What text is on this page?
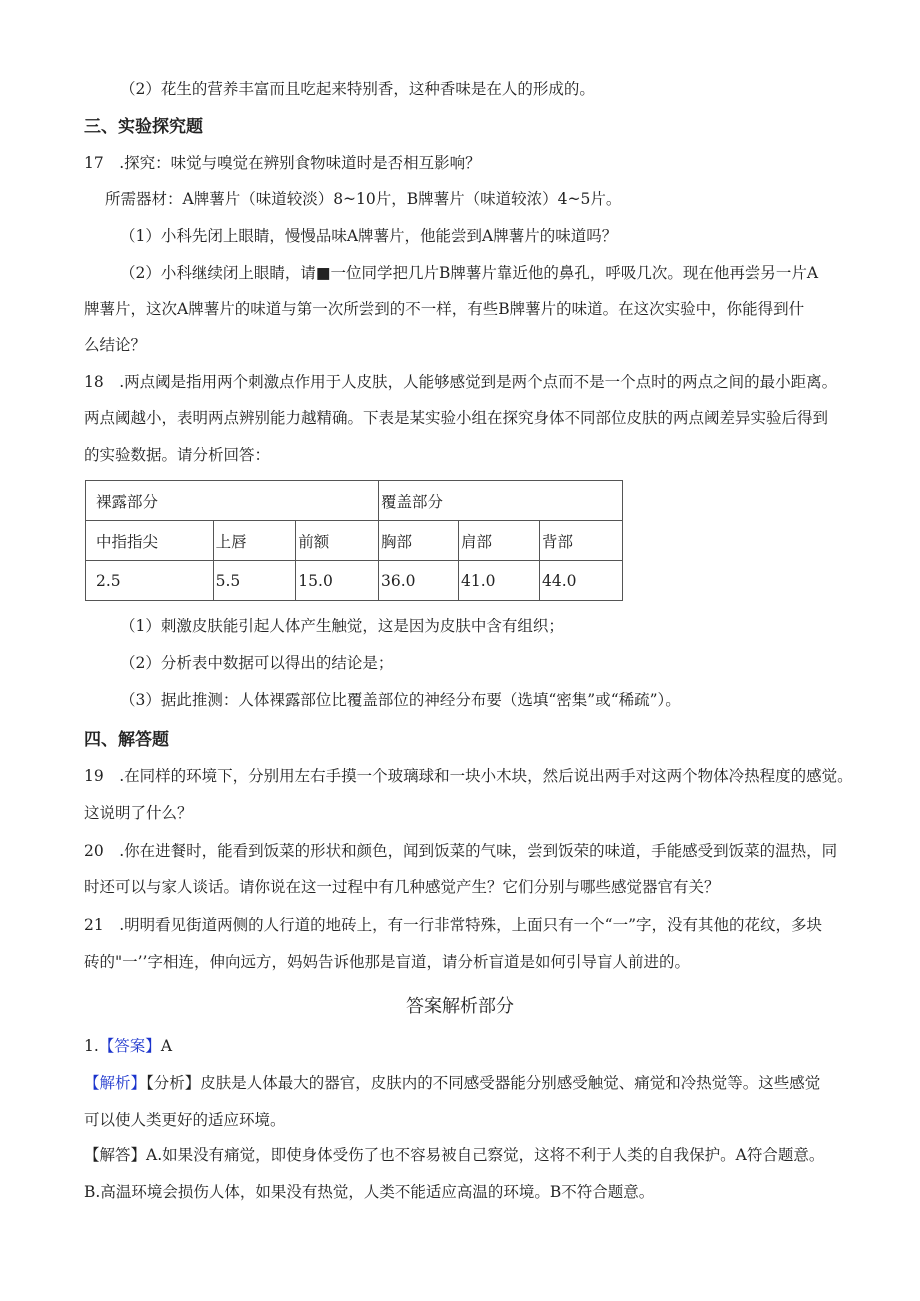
（2）花生的营养丰富而且吃起来特别香，这种香味是在人的形成的。
三、实验探究题
17　.探究：味觉与嗅觉在辨别食物味道时是否相互影响？
所需器材：A牌薯片（味道较淡）8~10片，B牌薯片（味道较浓）4~5片。
（1）小科先闭上眼睛，慢慢品味A牌薯片，他能尝到A牌薯片的味道吗？
（2）小科继续闭上眼睛，请■一位同学把几片B牌薯片靠近他的鼻孔，呼吸几次。现在他再尝另一片A
牌薯片，这次A牌薯片的味道与第一次所尝到的不一样，有些B牌薯片的味道。在这次实验中，你能得到什
么结论？
18　.两点阈是指用两个刺激点作用于人皮肤，人能够感觉到是两个点而不是一个点时的两点之间的最小距离。
两点阈越小，表明两点辨别能力越精确。下表是某实验小组在探究身体不同部位皮肤的两点阈差异实验后得到
的实验数据。请分析回答：
裸露部分			覆盖部分		
中指指尖	上唇	前额	胸部	肩部	背部
2.5	5.5	15.0	36.0	41.0	44.0
（1）刺激皮肤能引起人体产生触觉，这是因为皮肤中含有组织；
（2）分析表中数据可以得出的结论是；
（3）据此推测：人体裸露部位比覆盖部位的神经分布要（选填“密集”或“稀疏”）。
四、解答题
19　.在同样的环境下，分别用左右手摸一个玻璃球和一块小木块，然后说出两手对这两个物体冷热程度的感觉。
这说明了什么？
20　.你在进餐时，能看到饭菜的形状和颜色，闻到饭菜的气味，尝到饭荣的味道，手能感受到饭菜的温热，同
时还可以与家人谈话。请你说在这一过程中有几种感觉产生？它们分别与哪些感觉器官有关？
21　.明明看见街道两侧的人行道的地砖上，有一行非常特殊，上面只有一个“一”字，没有其他的花纹，多块
砖的"一’’字相连，伸向远方，妈妈告诉他那是盲道，请分析盲道是如何引导盲人前进的。
答案解析部分
1.【答案】A
【解析】【分析】皮肤是人体最大的器官，皮肤内的不同感受器能分别感受触觉、痛觉和冷热觉等。这些感觉
可以使人类更好的适应环境。
【解答】A.如果没有痛觉，即使身体受伤了也不容易被自己察觉，这将不利于人类的自我保护。A符合题意。
B.高温环境会损伤人体，如果没有热觉，人类不能适应高温的环境。B不符合题意。
